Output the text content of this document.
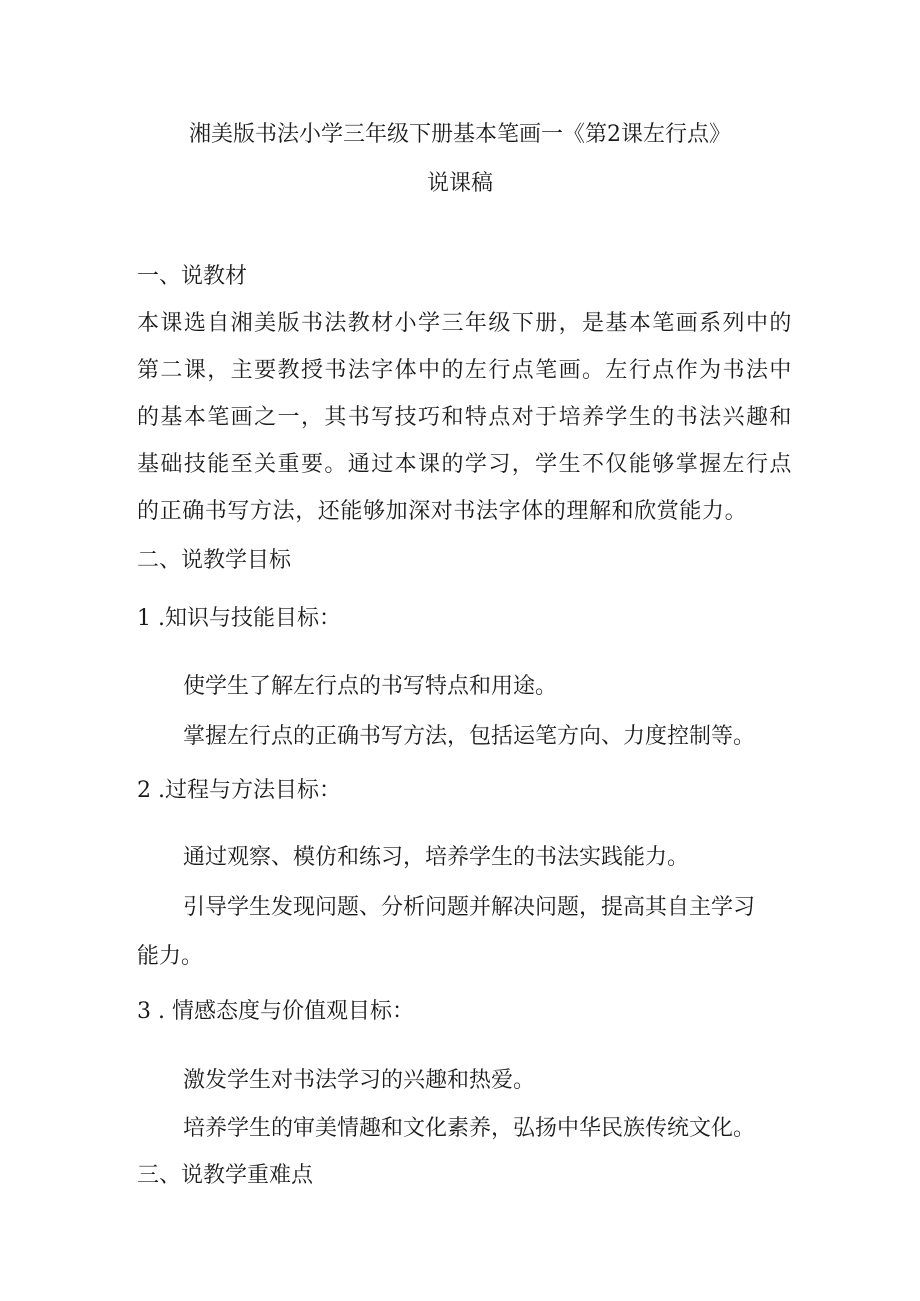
湘美版书法小学三年级下册基本笔画一《第2课左行点》
说课稿
一、说教材
本课选自湘美版书法教材小学三年级下册，是基本笔画系列中的第二课，主要教授书法字体中的左行点笔画。左行点作为书法中的基本笔画之一，其书写技巧和特点对于培养学生的书法兴趣和基础技能至关重要。通过本课的学习，学生不仅能够掌握左行点的正确书写方法，还能够加深对书法字体的理解和欣赏能力。
二、说教学目标
1 .知识与技能目标：
使学生了解左行点的书写特点和用途。
掌握左行点的正确书写方法，包括运笔方向、力度控制等。
2 .过程与方法目标：
通过观察、模仿和练习，培养学生的书法实践能力。
引导学生发现问题、分析问题并解决问题，提高其自主学习
能力。
3 . 情感态度与价值观目标：
激发学生对书法学习的兴趣和热爱。
培养学生的审美情趣和文化素养，弘扬中华民族传统文化。
三、说教学重难点
